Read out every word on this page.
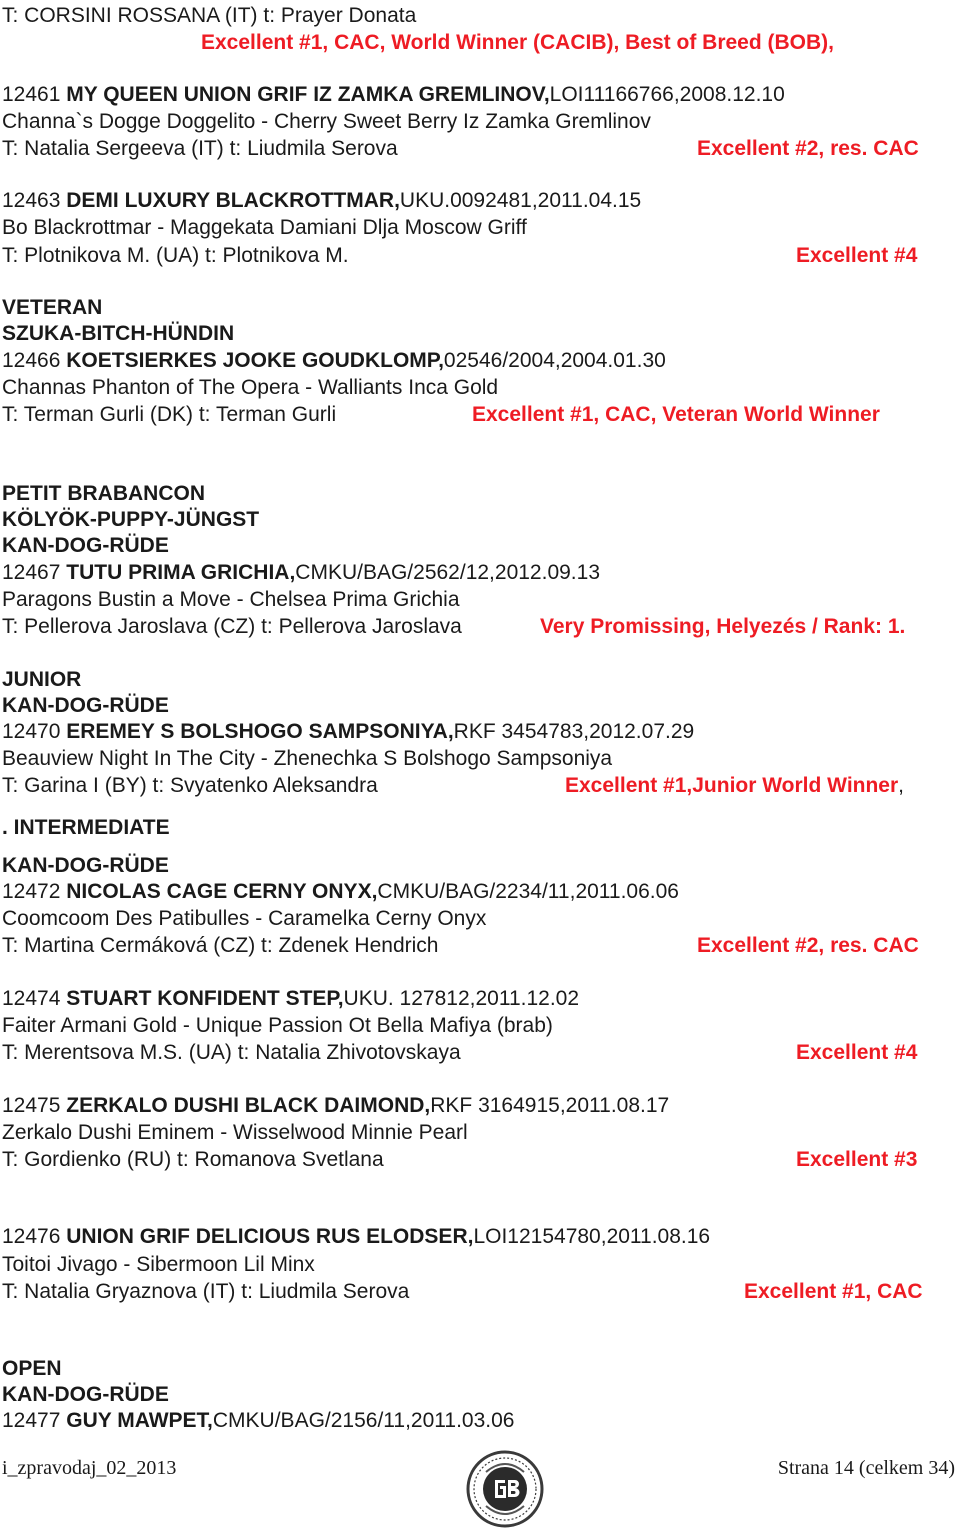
T: CORSINI ROSSANA (IT) t: Prayer Donata
Excellent #1, CAC, World Winner (CACIB), Best of Breed (BOB),
12461 MY QUEEN UNION GRIF IZ ZAMKA GREMLINOV,LOI11166766,2008.12.10
Channa`s Dogge Doggelito - Cherry Sweet Berry Iz Zamka Gremlinov
T: Natalia Sergeeva (IT) t: Liudmila Serova	Excellent #2, res. CAC
12463 DEMI LUXURY BLACKROTTMAR,UKU.0092481,2011.04.15
Bo Blackrottmar - Maggekata Damiani Dlja Moscow Griff
T: Plotnikova M. (UA) t: Plotnikova M.	Excellent #4
VETERAN
SZUKA-BITCH-HÜNDIN
12466 KOETSIERKES JOOKE GOUDKLOMP,02546/2004,2004.01.30
Channas Phanton of The Opera - Walliants Inca Gold
T: Terman Gurli (DK) t: Terman Gurli	Excellent #1, CAC, Veteran World Winner
PETIT BRABANCON
KÖLYÖK-PUPPY-JÜNGST
KAN-DOG-RÜDE
12467 TUTU PRIMA GRICHIA,CMKU/BAG/2562/12,2012.09.13
Paragons Bustin a Move - Chelsea Prima Grichia
T: Pellerova Jaroslava (CZ) t: Pellerova Jaroslava	Very Promissing, Helyezés / Rank: 1.
JUNIOR
KAN-DOG-RÜDE
12470 EREMEY S BOLSHOGO SAMPSONIYA,RKF 3454783,2012.07.29
Beauview Night In The City - Zhenechka S Bolshogo Sampsoniya
T: Garina I (BY) t: Svyatenko Aleksandra	Excellent #1,Junior World Winner,
. INTERMEDIATE
KAN-DOG-RÜDE
12472 NICOLAS CAGE CERNY ONYX,CMKU/BAG/2234/11,2011.06.06
Coomcoom Des Patibulles - Caramelka Cerny Onyx
T: Martina Cermáková (CZ) t: Zdenek Hendrich	Excellent #2, res. CAC
12474 STUART KONFIDENT STEP,UKU. 127812,2011.12.02
Faiter Armani Gold - Unique Passion Ot Bella Mafiya (brab)
T: Merentsova M.S. (UA) t: Natalia Zhivotovskaya	Excellent #4
12475 ZERKALO DUSHI BLACK DAIMOND,RKF 3164915,2011.08.17
Zerkalo Dushi Eminem - Wisselwood Minnie Pearl
T: Gordienko (RU) t: Romanova Svetlana	Excellent #3
12476 UNION GRIF DELICIOUS RUS ELODSER,LOI12154780,2011.08.16
Toitoi Jivago - Sibermoon Lil Minx
T: Natalia Gryaznova (IT) t: Liudmila Serova	Excellent #1, CAC
OPEN
KAN-DOG-RÜDE
12477 GUY MAWPET,CMKU/BAG/2156/11,2011.03.06
i_zpravodaj_02_2013	Strana 14 (celkem 34)
